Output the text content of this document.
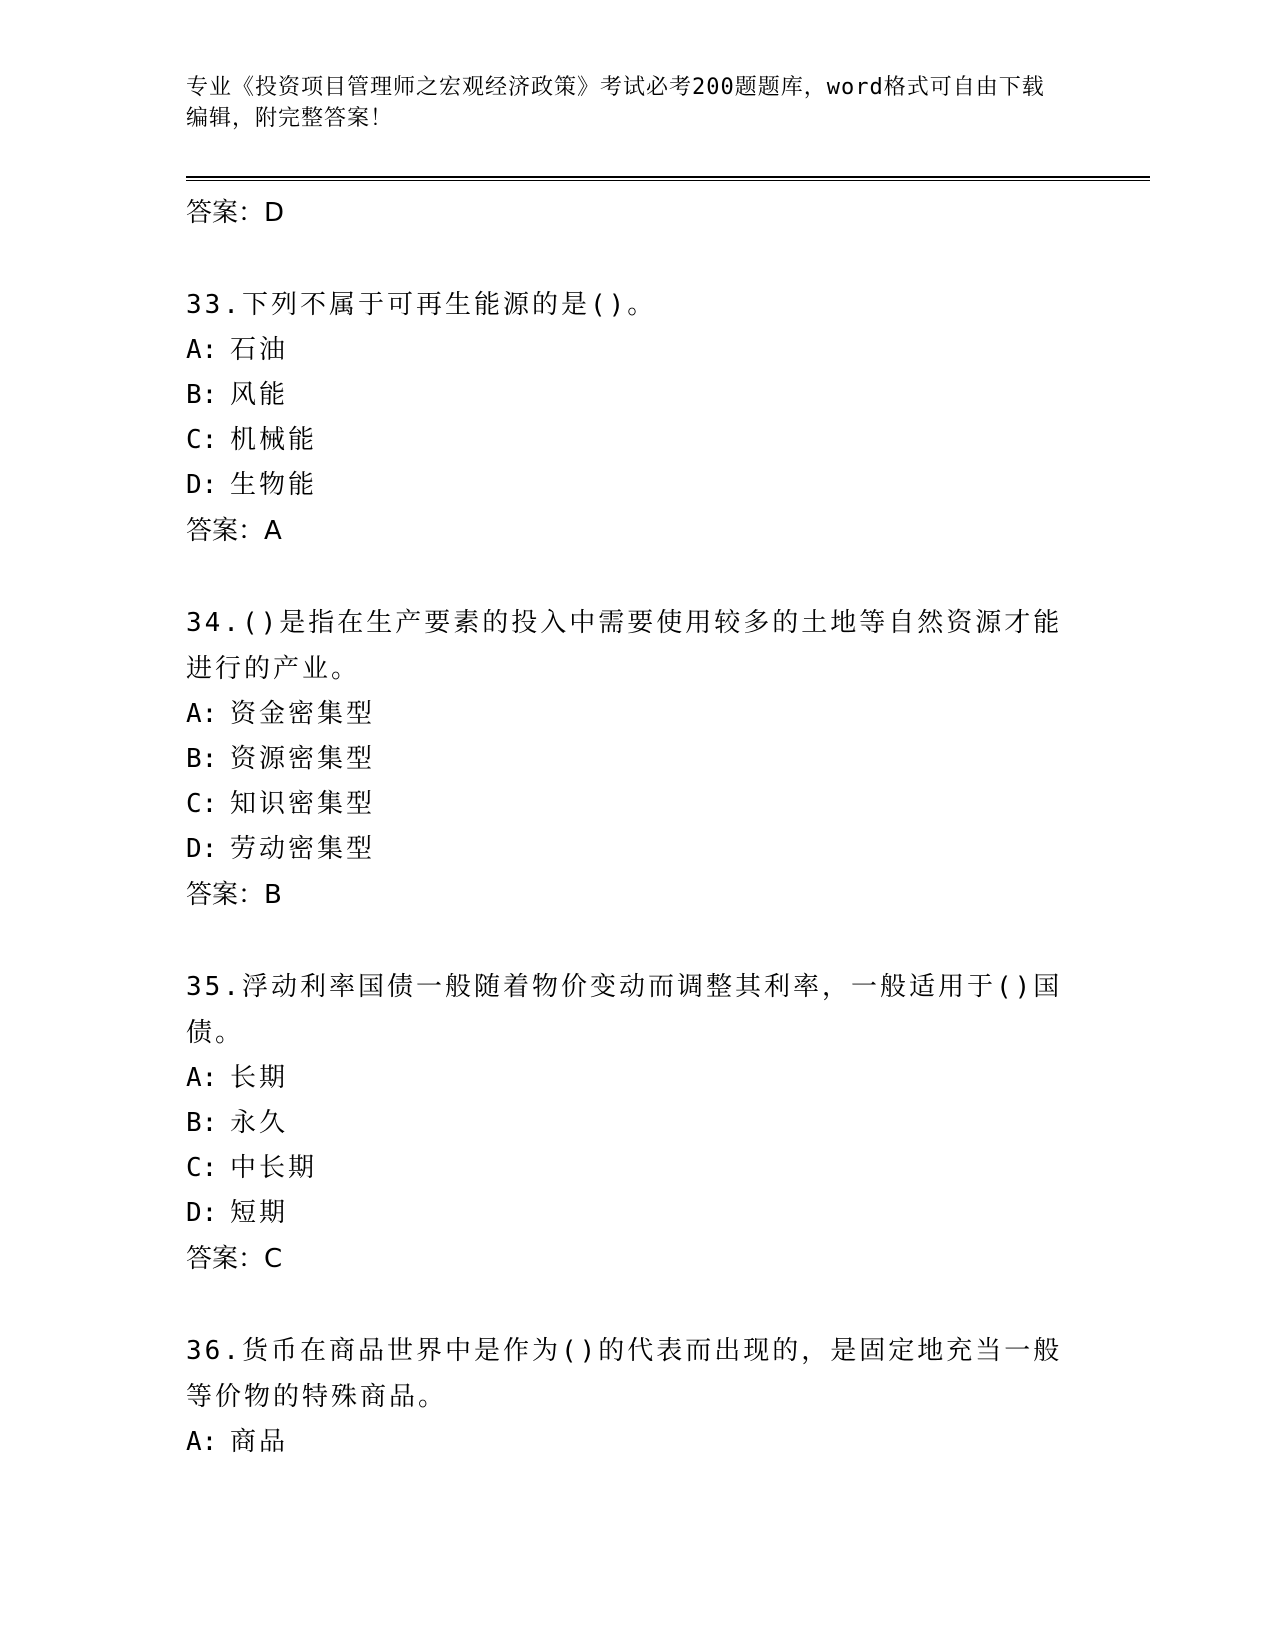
专业《投资项目管理师之宏观经济政策》考试必考200题题库，word格式可自由下载编辑，附完整答案！
答案：D
33.下列不属于可再生能源的是()。
A: 石油
B: 风能
C: 机械能
D: 生物能
答案：A
34.()是指在生产要素的投入中需要使用较多的土地等自然资源才能进行的产业。
A: 资金密集型
B: 资源密集型
C: 知识密集型
D: 劳动密集型
答案：B
35.浮动利率国债一般随着物价变动而调整其利率，一般适用于()国债。
A: 长期
B: 永久
C: 中长期
D: 短期
答案：C
36.货币在商品世界中是作为()的代表而出现的，是固定地充当一般等价物的特殊商品。
A: 商品
